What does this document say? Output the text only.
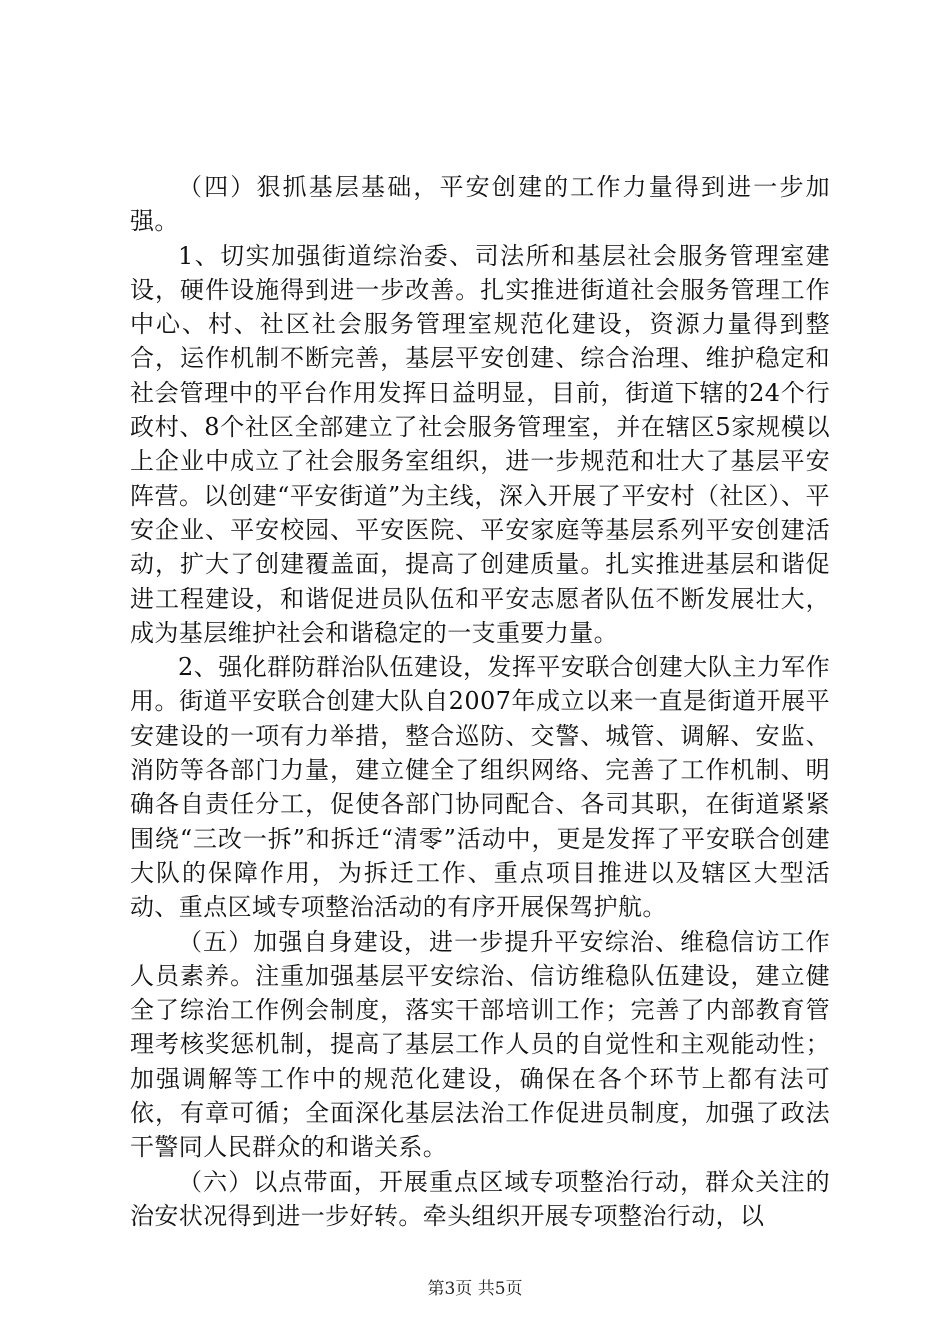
（四）狠抓基层基础，平安创建的工作力量得到进一步加强。

1、切实加强街道综治委、司法所和基层社会服务管理室建设，硬件设施得到进一步改善。扎实推进街道社会服务管理工作中心、村、社区社会服务管理室规范化建设，资源力量得到整合，运作机制不断完善，基层平安创建、综合治理、维护稳定和社会管理中的平台作用发挥日益明显，目前，街道下辖的24个行政村、8个社区全部建立了社会服务管理室，并在辖区5家规模以上企业中成立了社会服务室组织，进一步规范和壮大了基层平安阵营。以创建“平安街道”为主线，深入开展了平安村（社区）、平安企业、平安校园、平安医院、平安家庭等基层系列平安创建活动，扩大了创建覆盖面，提高了创建质量。扎实推进基层和谐促进工程建设，和谐促进员队伍和平安志愿者队伍不断发展壮大，成为基层维护社会和谐稳定的一支重要力量。

2、强化群防群治队伍建设，发挥平安联合创建大队主力军作用。街道平安联合创建大队自2007年成立以来一直是街道开展平安建设的一项有力举措，整合巡防、交警、城管、调解、安监、消防等各部门力量，建立健全了组织网络、完善了工作机制、明确各自责任分工，促使各部门协同配合、各司其职，在街道紧紧围绕“三改一拆”和拆迁“清零”活动中，更是发挥了平安联合创建大队的保障作用，为拆迁工作、重点项目推进以及辖区大型活动、重点区域专项整治活动的有序开展保驾护航。

（五）加强自身建设，进一步提升平安综治、维稳信访工作人员素养。注重加强基层平安综治、信访维稳队伍建设，建立健全了综治工作例会制度，落实干部培训工作；完善了内部教育管理考核奖惩机制，提高了基层工作人员的自觉性和主观能动性；加强调解等工作中的规范化建设，确保在各个环节上都有法可依，有章可循；全面深化基层法治工作促进员制度，加强了政法干警同人民群众的和谐关系。

（六）以点带面，开展重点区域专项整治行动，群众关注的治安状况得到进一步好转。牵头组织开展专项整治行动，以

第3页 共5页
